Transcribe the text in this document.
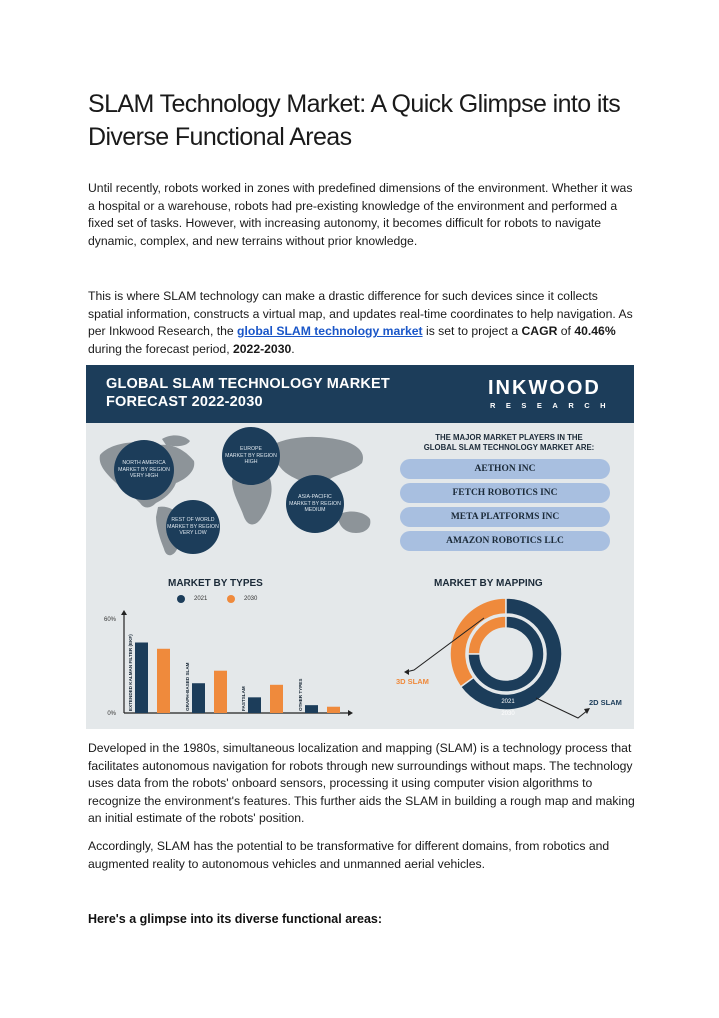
SLAM Technology Market: A Quick Glimpse into its Diverse Functional Areas
Until recently, robots worked in zones with predefined dimensions of the environment. Whether it was a hospital or a warehouse, robots had pre-existing knowledge of the environment and performed a fixed set of tasks. However, with increasing autonomy, it becomes difficult for robots to navigate dynamic, complex, and new terrains without prior knowledge.
This is where SLAM technology can make a drastic difference for such devices since it collects spatial information, constructs a virtual map, and updates real-time coordinates to help navigation. As per Inkwood Research, the global SLAM technology market is set to project a CAGR of 40.46% during the forecast period, 2022-2030.
GLOBAL SLAM TECHNOLOGY MARKET
FORECAST 2022-2030
INKWOOD
RESEARCH
NORTH AMERICA
MARKET BY REGION
VERY HIGH
EUROPE
MARKET BY REGION
HIGH
ASIA-PACIFIC
MARKET BY REGION
MEDIUM
REST OF WORLD
MARKET BY REGION
VERY LOW
THE MAJOR MARKET PLAYERS IN THE
GLOBAL SLAM TECHNOLOGY MARKET ARE:
AETHON INC
FETCH ROBOTICS INC
META PLATFORMS INC
AMAZON ROBOTICS LLC
MARKET BY TYPES
2021	2030
0%
60%
EXTENDED KALMAN FILTER (EKF)	GRAPH-BASED SLAM	FASTSLAM	OTHER TYPES
MARKET BY MAPPING
2021
2030
3D SLAM
2D SLAM
Developed in the 1980s, simultaneous localization and mapping (SLAM) is a technology process that facilitates autonomous navigation for robots through new surroundings without maps. The technology uses data from the robots' onboard sensors, processing it using computer vision algorithms to recognize the environment's features. This further aids the SLAM in building a rough map and making an initial estimate of the robots' position.
Accordingly, SLAM has the potential to be transformative for different domains, from robotics and augmented reality to autonomous vehicles and unmanned aerial vehicles.
Here's a glimpse into its diverse functional areas:
